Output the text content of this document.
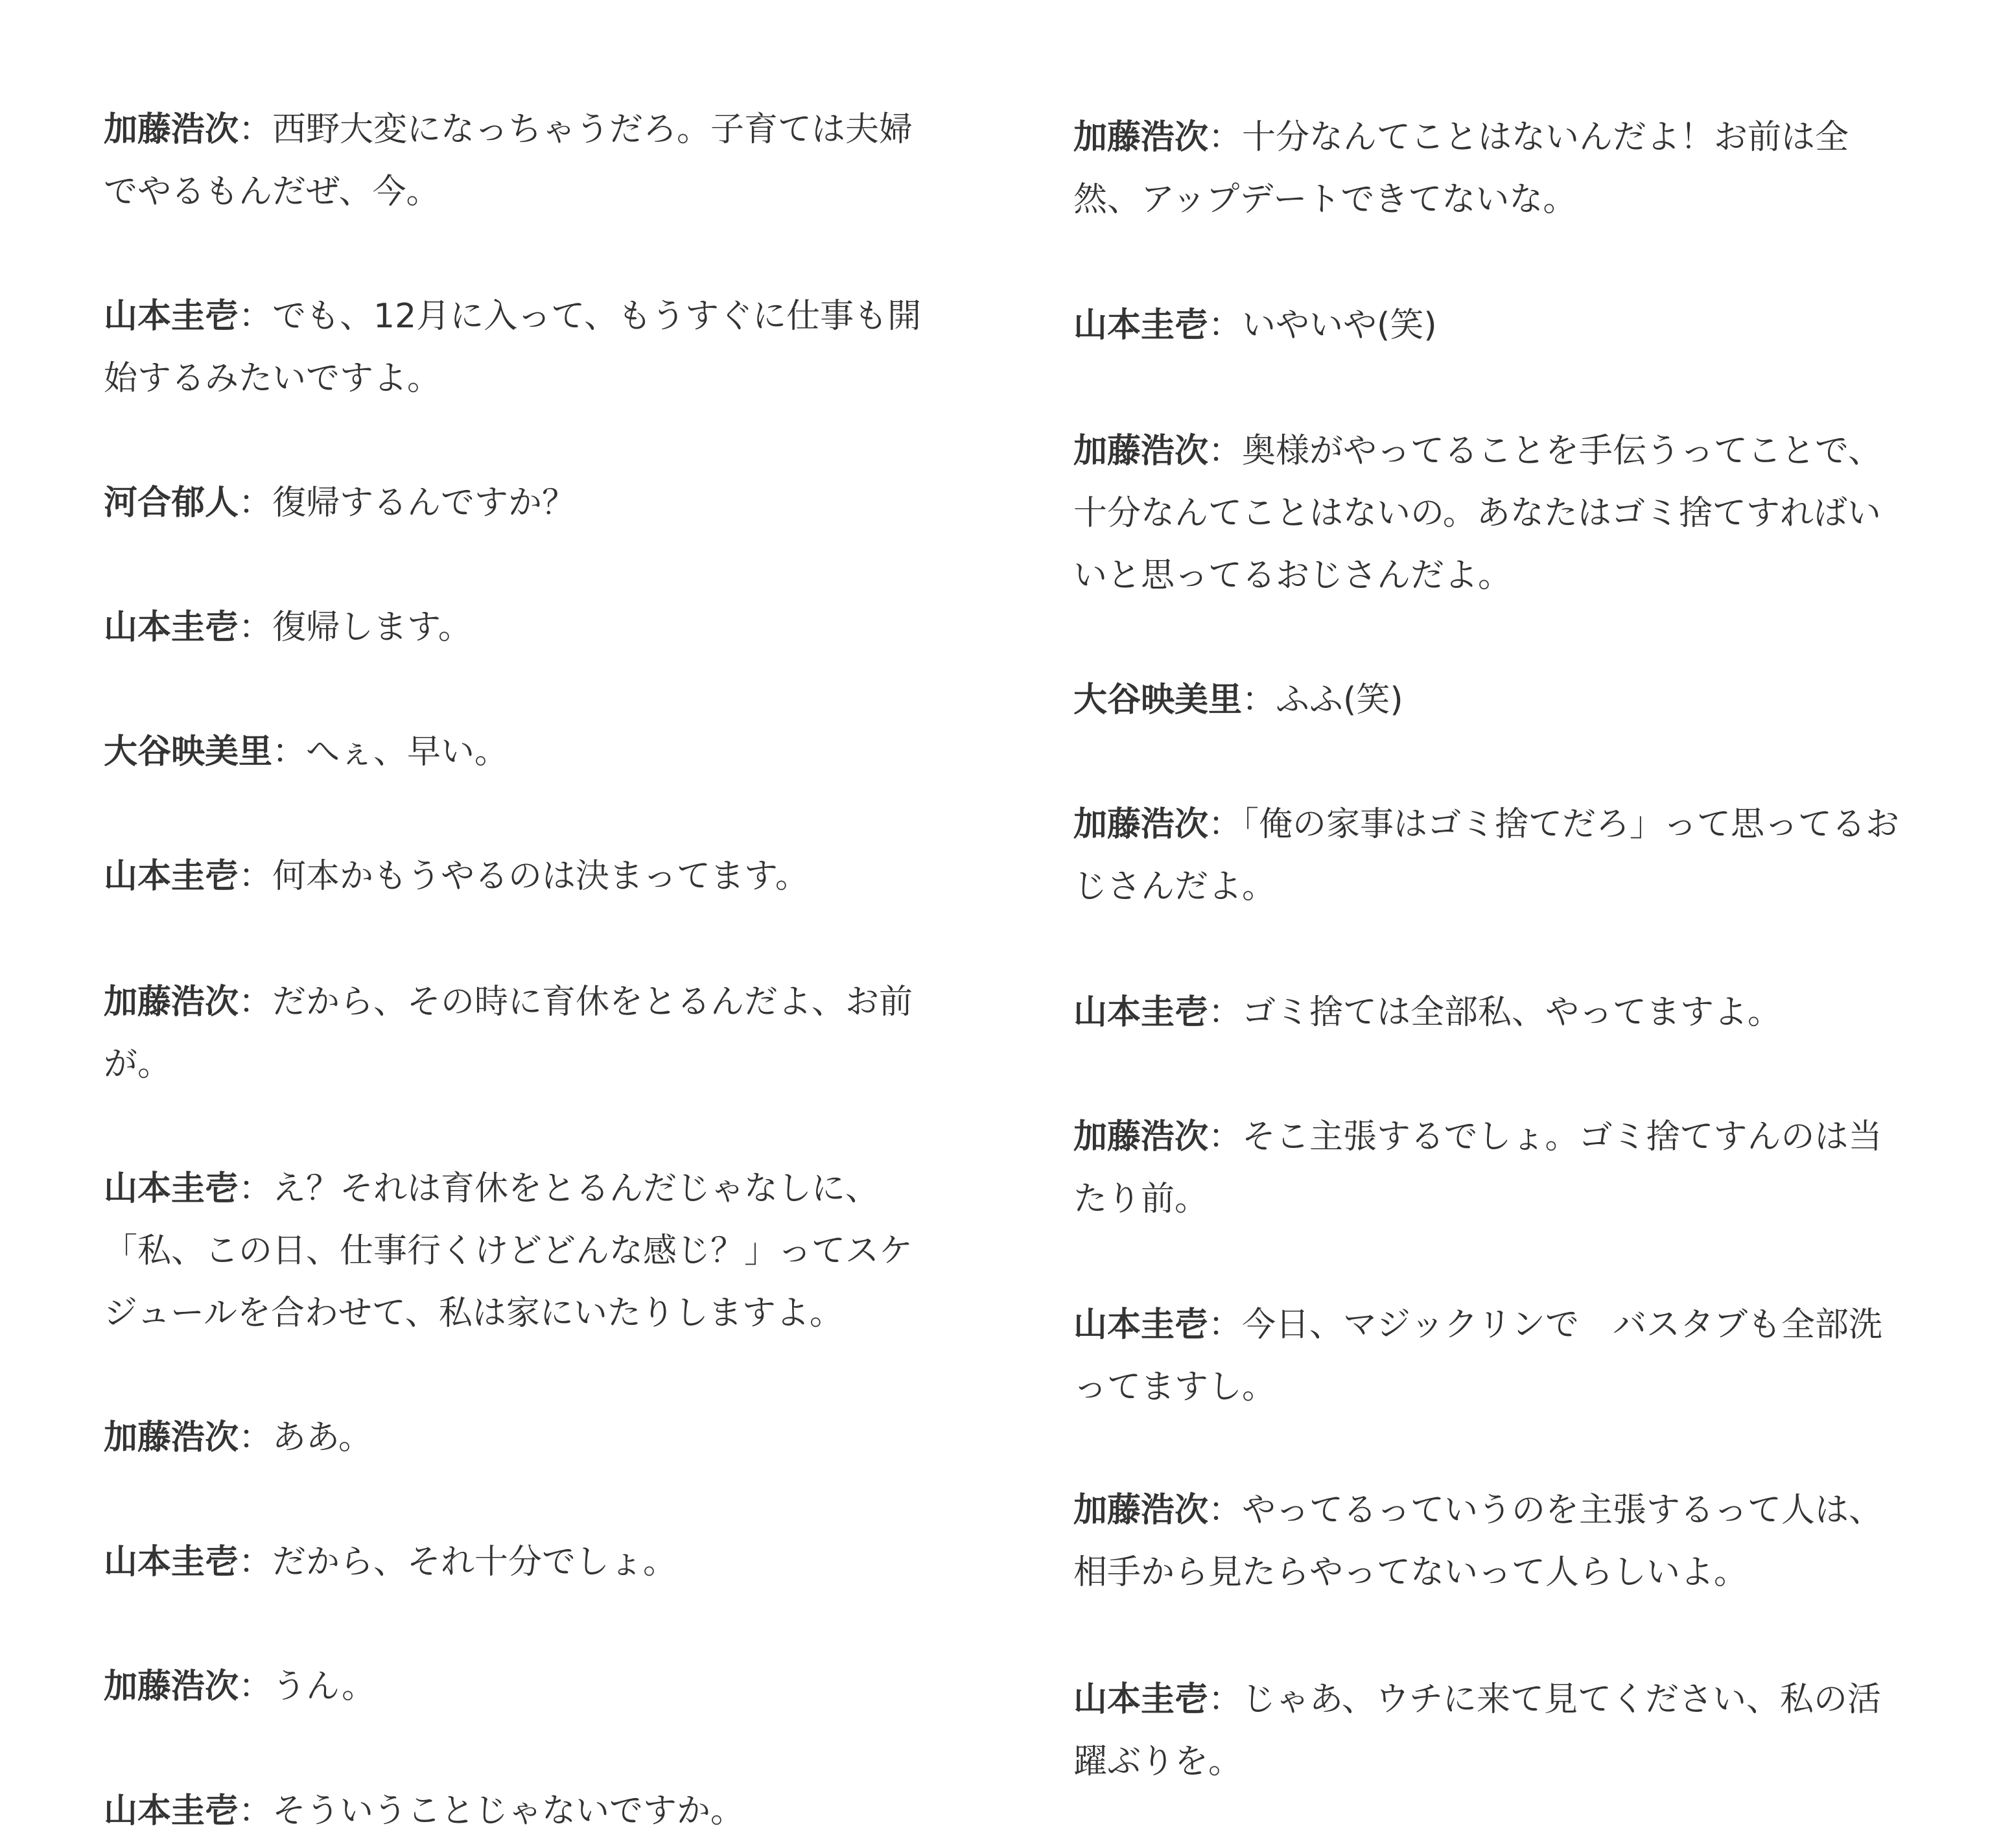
加藤浩次：西野大変になっちゃうだろ。子育ては夫婦
でやるもんだぜ、今。
山本圭壱：でも、12月に入って、もうすぐに仕事も開
始するみたいですよ。
河合郁人：復帰するんですか？
山本圭壱：復帰します。
大谷映美里：へぇ、早い。
山本圭壱：何本かもうやるのは決まってます。
加藤浩次：だから、その時に育休をとるんだよ、お前
が。
山本圭壱：え？それは育休をとるんだじゃなしに、
「私、この日、仕事行くけどどんな感じ？」ってスケ
ジュールを合わせて、私は家にいたりしますよ。
加藤浩次：ああ。
山本圭壱：だから、それ十分でしょ。
加藤浩次：うん。
山本圭壱：そういうことじゃないですか。
加藤浩次：十分なんてことはないんだよ！お前は全
然、アップデートできてないな。
山本圭壱：いやいや(笑)
加藤浩次：奥様がやってることを手伝うってことで、
十分なんてことはないの。あなたはゴミ捨てすればい
いと思ってるおじさんだよ。
大谷映美里：ふふ(笑)
加藤浩次：「俺の家事はゴミ捨てだろ」って思ってるお
じさんだよ。
山本圭壱：ゴミ捨ては全部私、やってますよ。
加藤浩次：そこ主張するでしょ。ゴミ捨てすんのは当
たり前。
山本圭壱：今日、マジックリンで　バスタブも全部洗
ってますし。
加藤浩次：やってるっていうのを主張するって人は、
相手から見たらやってないって人らしいよ。
山本圭壱：じゃあ、ウチに来て見てください、私の活
躍ぶりを。
